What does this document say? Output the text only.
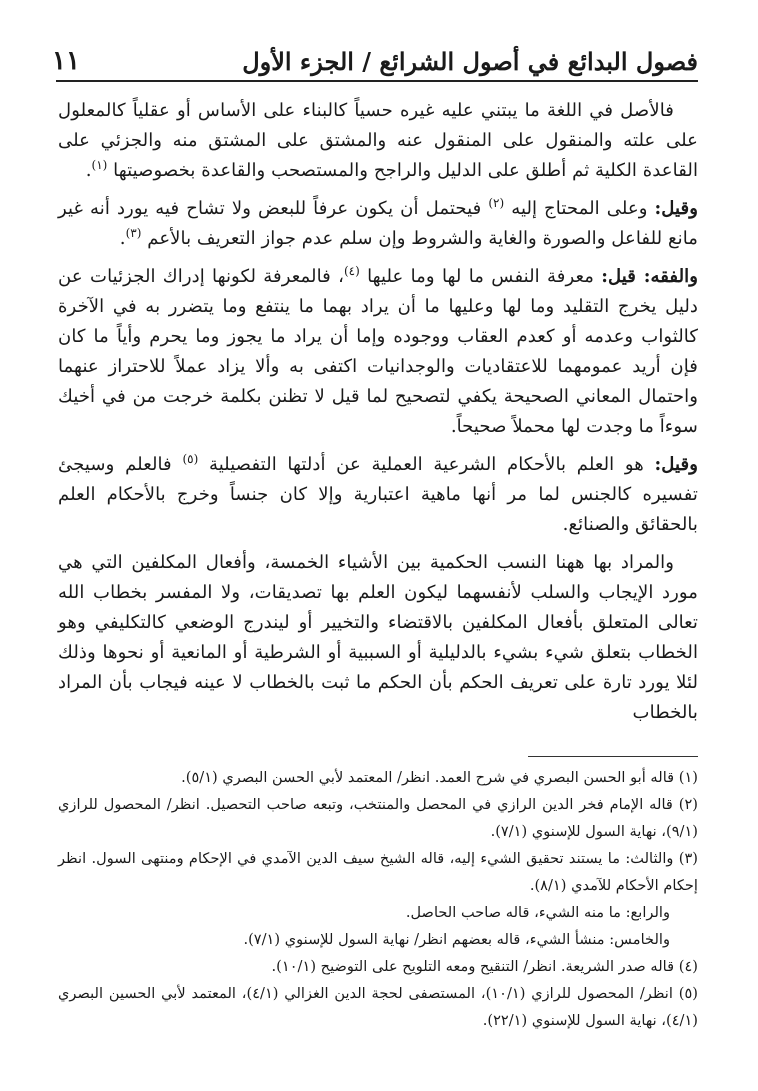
فصول البدائع في أصول الشرائع / الجزء الأول
١١

فالأصل في اللغة ما يبتني عليه غيره حسياً كالبناء على الأساس أو عقلياً كالمعلول على علته والمنقول على المنقول عنه والمشتق على المشتق منه والجزئي على القاعدة الكلية ثم أطلق على الدليل والراجح والمستصحب والقاعدة بخصوصيتها $^{(١)}$.

وقيل: وعلى المحتاج إليه $^{(٢)}$ فيحتمل أن يكون عرفاً للبعض ولا تشاح فيه يورد أنه غير مانع للفاعل والصورة والغاية والشروط وإن سلم عدم جواز التعريف بالأعم $^{(٣)}$.

والفقه: قيل: معرفة النفس ما لها وما عليها $^{(٤)}$، فالمعرفة لكونها إدراك الجزئيات عن دليل يخرج التقليد وما لها وعليها ما أن يراد بهما ما ينتفع وما يتضرر به في الآخرة كالثواب وعدمه أو كعدم العقاب ووجوده وإما أن يراد ما يجوز وما يحرم وأياً ما كان فإن أريد عمومهما للاعتقاديات والوجدانيات اكتفى به وألا يزاد عملاً للاحتراز عنهما واحتمال المعاني الصحيحة يكفي لتصحيح لما قيل لا تظنن بكلمة خرجت من في أخيك سوءاً ما وجدت لها محملاً صحيحاً.

وقيل: هو العلم بالأحكام الشرعية العملية عن أدلتها التفصيلية $^{(٥)}$ فالعلم وسيجئ تفسيره كالجنس لما مر أنها ماهية اعتبارية وإلا كان جنساً وخرج بالأحكام العلم بالحقائق والصنائع.

والمراد بها ههنا النسب الحكمية بين الأشياء الخمسة، وأفعال المكلفين التي هي مورد الإيجاب والسلب لأنفسهما ليكون العلم بها تصديقات، ولا المفسر بخطاب الله تعالى المتعلق بأفعال المكلفين بالاقتضاء والتخيير أو ليندرج الوضعي كالتكليفي وهو الخطاب بتعلق شيء بشيء بالدليلية أو السببية أو الشرطية أو المانعية أو نحوها وذلك لئلا يورد تارة على تعريف الحكم بأن الحكم ما ثبت بالخطاب لا عينه فيجاب بأن المراد بالخطاب

(١) قاله أبو الحسن البصري في شرح العمد. انظر/ المعتمد لأبي الحسن البصري (٥/١).

(٢) قاله الإمام فخر الدين الرازي في المحصل والمنتخب، وتبعه صاحب التحصيل. انظر/ المحصول للرازي (٩/١)، نهاية السول للإسنوي (٧/١).

(٣) والثالث: ما يستند تحقيق الشيء إليه، قاله الشيخ سيف الدين الآمدي في الإحكام ومنتهى السول. انظر إحكام الأحكام للآمدي (٨/١).

والرابع: ما منه الشيء، قاله صاحب الحاصل.

والخامس: منشأ الشيء، قاله بعضهم انظر/ نهاية السول للإسنوي (٧/١).

(٤) قاله صدر الشريعة. انظر/ التنقيح ومعه التلويح على التوضيح (١٠/١).

(٥) انظر/ المحصول للرازي (١٠/١)، المستصفى لحجة الدين الغزالي (٤/١)، المعتمد لأبي الحسين البصري (٤/١)، نهاية السول للإسنوي (٢٢/١).
